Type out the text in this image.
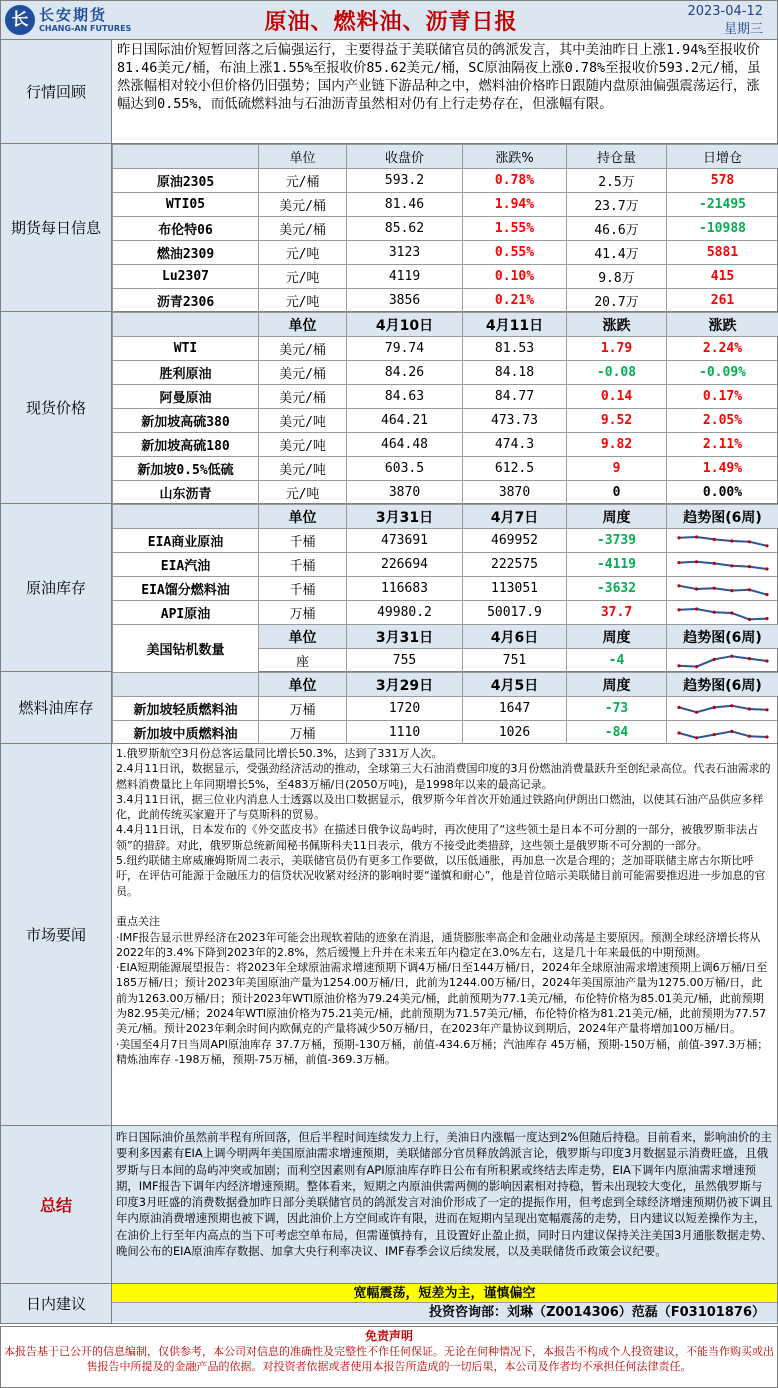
长 长安期货
CHANG-AN FUTURES	原油、燃料油、沥青日报	2023-04-12
星期三
行情回顾
昨日国际油价短暂回落之后偏强运行，主要得益于美联储官员的鸽派发言，其中美油昨日上涨1.94%至报收价81.46美元/桶，布油上涨1.55%至报收价85.62美元/桶，SC原油隔夜上涨0.78%至报收价593.2元/桶，虽然涨幅相对较小但价格仍旧强势；国内产业链下游品种之中，燃料油价格昨日跟随内盘原油偏强震荡运行，涨幅达到0.55%，而低硫燃料油与石油沥青虽然相对仍有上行走势存在，但涨幅有限。
期货每日信息
	单位	收盘价	涨跌%	持仓量	日增仓
原油2305	元/桶	593.2	0.78%	2.5万	578
WTI05	美元/桶	81.46	1.94%	23.7万	-21495
布伦特06	美元/桶	85.62	1.55%	46.6万	-10988
燃油2309	元/吨	3123	0.55%	41.4万	5881
Lu2307	元/吨	4119	0.10%	9.8万	415
沥青2306	元/吨	3856	0.21%	20.7万	261
现货价格
	单位	4月10日	4月11日	涨跌	涨跌
WTI	美元/桶	79.74	81.53	1.79	2.24%
胜利原油	美元/桶	84.26	84.18	-0.08	-0.09%
阿曼原油	美元/桶	84.63	84.77	0.14	0.17%
新加坡高硫380	美元/吨	464.21	473.73	9.52	2.05%
新加坡高硫180	美元/吨	464.48	474.3	9.82	2.11%
新加坡0.5%低硫	美元/吨	603.5	612.5	9	1.49%
山东沥青	元/吨	3870	3870	0	0.00%
原油库存
	单位	3月31日	4月7日	周度	趋势图(6周)
EIA商业原油	千桶	473691	469952	-3739	

EIA汽油	千桶	226694	222575	-4119	

EIA馏分燃料油	千桶	116683	113051	-3632	

API原油	万桶	49980.2	50017.9	37.7	

美国钻机数量	单位	3月31日	4月6日	周度	趋势图(6周)
	座	755	751	-4	
燃料油库存
	单位	3月29日	4月5日	周度	趋势图(6周)
新加坡轻质燃料油	万桶	1720	1647	-73	

新加坡中质燃料油	万桶	1110	1026	-84	
市场要闻
1.俄罗斯航空3月份总客运量同比增长50.3%，达到了331万人次。
2.4月11日讯，数据显示，受强劲经济活动的推动，全球第三大石油消费国印度的3月份燃油消费量跃升至创纪录高位。代表石油需求的燃料消费量比上年同期增长5%，至483万桶/日(2050万吨)，是1998年以来的最高记录。
3.4月11日讯，据三位业内消息人士透露以及出口数据显示，俄罗斯今年首次开始通过铁路向伊朗出口燃油，以使其石油产品供应多样化，此前传统买家避开了与莫斯科的贸易。
4.4月11日讯，日本发布的《外交蓝皮书》在描述日俄争议岛屿时，再次使用了“这些领土是日本不可分割的一部分，被俄罗斯非法占领”的措辞。对此，俄罗斯总统新闻秘书佩斯科夫11日表示，俄方不接受此类措辞，这些领土是俄罗斯不可分割的一部分。
5.纽约联储主席威廉姆斯周二表示，美联储官员仍有更多工作要做，以压低通胀，再加息一次是合理的；芝加哥联储主席古尔斯比呼吁，在评估可能源于金融压力的信贷状况收紧对经济的影响时要“谨慎和耐心”，他是首位暗示美联储目前可能需要推迟进一步加息的官员。

重点关注
·IMF报告显示世界经济在2023年可能会出现软着陆的迹象在消退，通货膨胀率高企和金融业动荡是主要原因。预测全球经济增长将从2022年的3.4%下降到2023年的2.8%，然后缓慢上升并在未来五年内稳定在3.0%左右，这是几十年来最低的中期预测。
·EIA短期能源展望报告：将2023年全球原油需求增速预期下调4万桶/日至144万桶/日，2024年全球原油需求增速预期上调6万桶/日至185万桶/日；预计2023年美国原油产量为1254.00万桶/日，此前为1244.00万桶/日，2024年美国原油产量为1275.00万桶/日，此前为1263.00万桶/日；预计2023年WTI原油价格为79.24美元/桶，此前预期为77.1美元/桶，布伦特价格为85.01美元/桶，此前预期为82.95美元/桶；2024年WTI原油价格为75.21美元/桶，此前预期为71.57美元/桶，布伦特价格为81.21美元/桶，此前预期为77.57美元/桶。预计2023年剩余时间内欧佩克的产量将减少50万桶/日，在2023年产量协议到期后，2024年产量将增加100万桶/日。
·美国至4月7日当周API原油库存 37.7万桶，预期-130万桶，前值-434.6万桶；汽油库存 45万桶，预期-150万桶，前值-397.3万桶；精炼油库存 -198万桶，预期-75万桶，前值-369.3万桶。
总结
昨日国际油价虽然前半程有所回落，但后半程时间连续发力上行，美油日内涨幅一度达到2%但随后持稳。目前看来，影响油价的主要利多因素有EIA上调今明两年美国原油需求增速预期，美联储部分官员释放鸽派言论，俄罗斯与印度3月数据显示消费旺盛，且俄罗斯与日本间的岛屿冲突或加剧；而利空因素则有API原油库存昨日公布有所积累或终结去库走势，EIA下调年内原油需求增速预期，IMF报告下调年内经济增速预期。整体看来，短期之内原油供需两侧的影响因素相对持稳，暂未出现较大变化，虽然俄罗斯与印度3月旺盛的消费数据叠加昨日部分美联储官员的鸽派发言对油价形成了一定的提振作用，但考虑到全球经济增速预期仍被下调且年内原油消费增速预期也被下调，因此油价上方空间或许有限，进而在短期内呈现出宽幅震荡的走势，日内建议以短差操作为主，在油价上行至年内高点的当下可考虑空单布局，但需谨慎持有，且设置好止盈止损，同时日内建议保持关注美国3月通胀数据走势、晚间公布的EIA原油库存数据、加拿大央行利率决议、IMF春季会议后续发展，以及美联储货币政策会议纪要。
日内建议
宽幅震荡，短差为主，谨慎偏空
投资咨询部：刘琳（Z0014306）范磊（F03101876）
免责声明
本报告基于已公开的信息编制，仅供参考，本公司对信息的准确性及完整性不作任何保证。无论在何种情况下，本报告不构成个人投资建议，不能当作购买或出售报告中所提及的金融产品的依据。对投资者依据或者使用本报告所造成的一切后果，本公司及作者均不承担任何法律责任。
